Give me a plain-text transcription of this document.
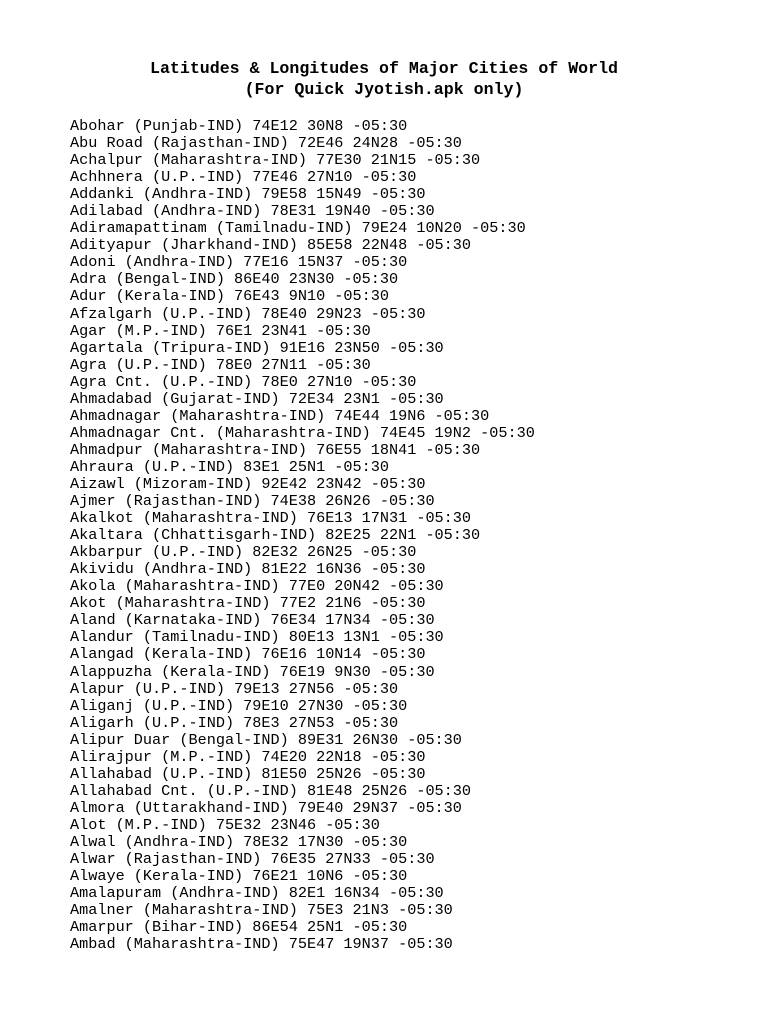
Latitudes & Longitudes of Major Cities of World
(For Quick Jyotish.apk only)
Abohar (Punjab-IND) 74E12 30N8 -05:30
Abu Road (Rajasthan-IND) 72E46 24N28 -05:30
Achalpur (Maharashtra-IND) 77E30 21N15 -05:30
Achhnera (U.P.-IND) 77E46 27N10 -05:30
Addanki (Andhra-IND) 79E58 15N49 -05:30
Adilabad (Andhra-IND) 78E31 19N40 -05:30
Adiramapattinam (Tamilnadu-IND) 79E24 10N20 -05:30
Adityapur (Jharkhand-IND) 85E58 22N48 -05:30
Adoni (Andhra-IND) 77E16 15N37 -05:30
Adra (Bengal-IND) 86E40 23N30 -05:30
Adur (Kerala-IND) 76E43 9N10 -05:30
Afzalgarh (U.P.-IND) 78E40 29N23 -05:30
Agar (M.P.-IND) 76E1 23N41 -05:30
Agartala (Tripura-IND) 91E16 23N50 -05:30
Agra (U.P.-IND) 78E0 27N11 -05:30
Agra Cnt. (U.P.-IND) 78E0 27N10 -05:30
Ahmadabad (Gujarat-IND) 72E34 23N1 -05:30
Ahmadnagar (Maharashtra-IND) 74E44 19N6 -05:30
Ahmadnagar Cnt. (Maharashtra-IND) 74E45 19N2 -05:30
Ahmadpur (Maharashtra-IND) 76E55 18N41 -05:30
Ahraura (U.P.-IND) 83E1 25N1 -05:30
Aizawl (Mizoram-IND) 92E42 23N42 -05:30
Ajmer (Rajasthan-IND) 74E38 26N26 -05:30
Akalkot (Maharashtra-IND) 76E13 17N31 -05:30
Akaltara (Chhattisgarh-IND) 82E25 22N1 -05:30
Akbarpur (U.P.-IND) 82E32 26N25 -05:30
Akividu (Andhra-IND) 81E22 16N36 -05:30
Akola (Maharashtra-IND) 77E0 20N42 -05:30
Akot (Maharashtra-IND) 77E2 21N6 -05:30
Aland (Karnataka-IND) 76E34 17N34 -05:30
Alandur (Tamilnadu-IND) 80E13 13N1 -05:30
Alangad (Kerala-IND) 76E16 10N14 -05:30
Alappuzha (Kerala-IND) 76E19 9N30 -05:30
Alapur (U.P.-IND) 79E13 27N56 -05:30
Aliganj (U.P.-IND) 79E10 27N30 -05:30
Aligarh (U.P.-IND) 78E3 27N53 -05:30
Alipur Duar (Bengal-IND) 89E31 26N30 -05:30
Alirajpur (M.P.-IND) 74E20 22N18 -05:30
Allahabad (U.P.-IND) 81E50 25N26 -05:30
Allahabad Cnt. (U.P.-IND) 81E48 25N26 -05:30
Almora (Uttarakhand-IND) 79E40 29N37 -05:30
Alot (M.P.-IND) 75E32 23N46 -05:30
Alwal (Andhra-IND) 78E32 17N30 -05:30
Alwar (Rajasthan-IND) 76E35 27N33 -05:30
Alwaye (Kerala-IND) 76E21 10N6 -05:30
Amalapuram (Andhra-IND) 82E1 16N34 -05:30
Amalner (Maharashtra-IND) 75E3 21N3 -05:30
Amarpur (Bihar-IND) 86E54 25N1 -05:30
Ambad (Maharashtra-IND) 75E47 19N37 -05:30
